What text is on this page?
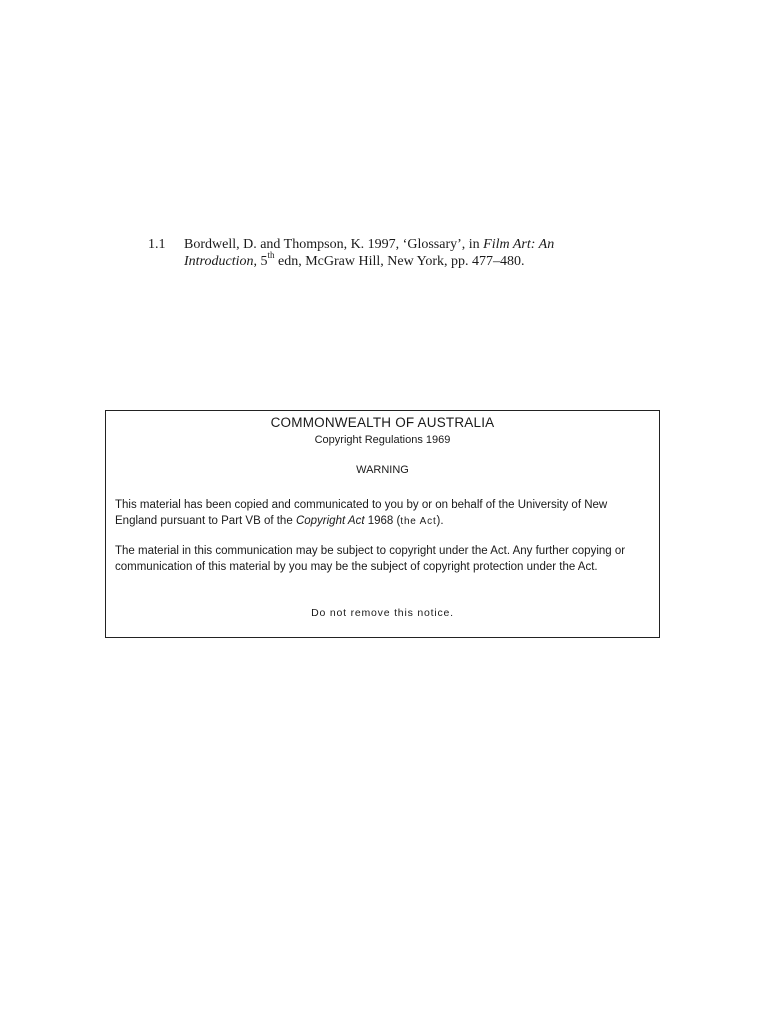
1.1 Bordwell, D. and Thompson, K. 1997, ‘Glossary’, in Film Art: An
Introduction, 5th edn, McGraw Hill, New York, pp. 477–480.
COMMONWEALTH OF AUSTRALIA
Copyright Regulations 1969
WARNING
This material has been copied and communicated to you by or on behalf of the University of New England pursuant to Part VB of the Copyright Act 1968 (the Act).
The material in this communication may be subject to copyright under the Act. Any further copying or communication of this material by you may be the subject of copyright protection under the Act.
Do not remove this notice.
